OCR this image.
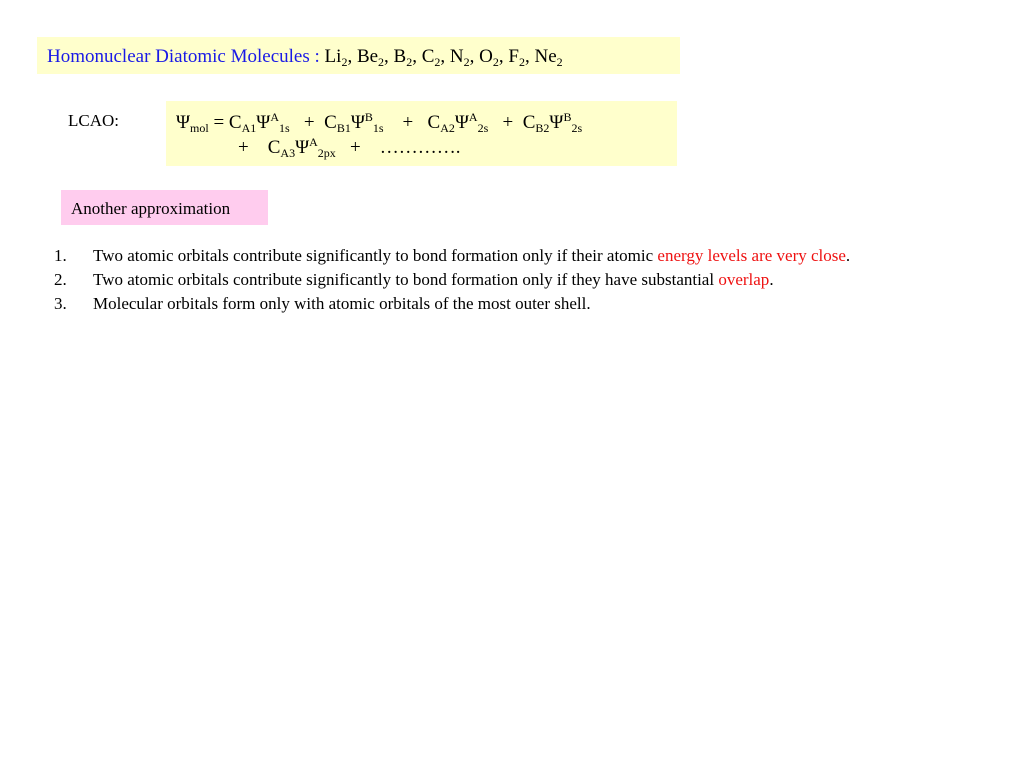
Homonuclear Diatomic Molecules : $Li_2$, $Be_2$, $B_2$, $C_2$, $N_2$, $O_2$, $F_2$, $Ne_2$
LCAO:	$\Psi_{mol} = C_{A1}\Psi^A_{1s} + C_{B1}\Psi^B_{1s} + C_{A2}\Psi^A_{2s} + C_{B2}\Psi^B_{2s}$
+ $C_{A3}\Psi^A_{2px}$ + ………….
Another approximation
1. Two atomic orbitals contribute significantly to bond formation only if their atomic energy levels are very close.
2. Two atomic orbitals contribute significantly to bond formation only if they have substantial overlap.
3. Molecular orbitals form only with atomic orbitals of the most outer shell.
